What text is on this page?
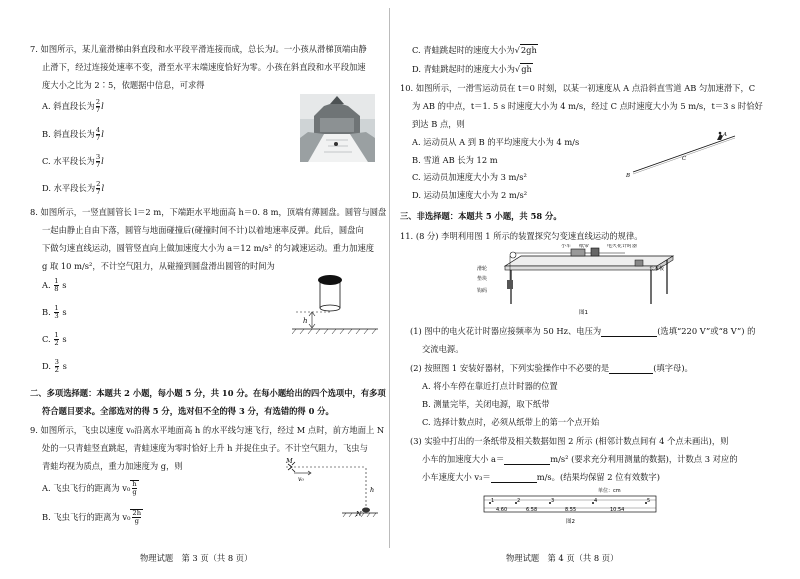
7. 如图所示，某儿童滑梯由斜直段和水平段平滑连接而成，总长为l。一小孩从滑梯顶端由静
止滑下，经过连接处速率不变，滑至水平末端速度恰好为零。小孩在斜直段和水平段加速
度大小之比为 2∶5，依题据中信息，可求得
A. 斜直段长为 $\frac{2}{7}$ l
B. 斜直段长为 $\frac{4}{7}$ l
C. 水平段长为 $\frac{3}{7}$ l
D. 水平段长为 $\frac{2}{7}$ l
8. 如图所示，一竖直圆管长 l＝2 m，下端距水平地面高 h＝0. 8 m，顶端有薄圆盘。圆管与圆盘
一起由静止自由下落，圆管与地面碰撞后(碰撞时间不计)以着地速率反弹。此后，圆盘向
下做匀速直线运动，圆管竖直向上做加速度大小为 a＝12 m/s² 的匀减速运动。重力加速度
g 取 10 m/s²，不计空气阻力，从碰撞到圆盘滑出圆管的时间为
A. $\frac{1}{8}$ s
B. $\frac{1}{3}$ s
C. $\frac{1}{2}$ s
D. $\frac{3}{2}$ s
h
二、多项选择题：本题共 2 小题，每小题 5 分，共 10 分。在每小题给出的四个选项中，有多项
符合题目要求。全部选对的得 5 分，选对但不全的得 3 分，有选错的得 0 分。
9. 如图所示，飞虫以速度 v₀沿离水平地面高 h 的水平线匀速飞行，经过 M 点时，前方地面上 N
处的一只青蛙竖直跳起，青蛙速度为零时恰好上升 h 并捉住虫子。不计空气阻力，飞虫与
青蛙均视为质点，重力加速度为 g，则
A. 飞虫飞行的距离为 $v_0 \frac{h}{g}$
B. 飞虫飞行的距离为 $v_0 \frac{2h}{g}$
M
v₀
h
N
物理试题　第 3 页（共 8 页）
C. 青蛙跳起时的速度大小为√2gh
D. 青蛙跳起时的速度大小为√gh
10. 如图所示，一滑雪运动员在 t＝0 时刻，以某一初速度从 A 点沿斜直雪道 AB 匀加速滑下，C
为 AB 的中点，t＝1. 5 s 时速度大小为 4 m/s，经过 C 点时速度大小为 5 m/s，t＝3 s 时恰好
到达 B 点，则
A. 运动员从 A 到 B 的平均速度大小为 4 m/s
B. 雪道 AB 长为 12 m
C. 运动员加速度大小为 3 m/s²
D. 运动员加速度大小为 2 m/s²
A
C
B
三、非选择题：本题共 5 小题，共 58 分。
11. (8 分) 李明利用图 1 所示的装置探究匀变速直线运动的规律。
小车 纸带	电火花计时器
长木板
滑轮
垫块
钩码
图1
(1) 图中的电火花计时器应接频率为 50 Hz、电压为	(选填“220 V”或“8 V”) 的
交流电源。
(2) 按照图 1 安装好器材，下列实验操作中不必要的是	(填字母)。
A. 将小车停在靠近打点计时器的位置
B. 测量完毕，关闭电源，取下纸带
C. 选择计数点时，必须从纸带上的第一个点开始
(3) 实验中打出的一条纸带及相关数据如图 2 所示 (相邻计数点间有 4 个点未画出)，则
小车的加速度大小 a＝	m/s² (要求充分利用测量的数据)，计数点 3 对应的
小车速度大小 v₃＝	m/s。(结果均保留 2 位有效数字)
单位：cm
1	2	3	4	5
4.60	6.58	8.55	10.54
图2
物理试题　第 4 页（共 8 页）
